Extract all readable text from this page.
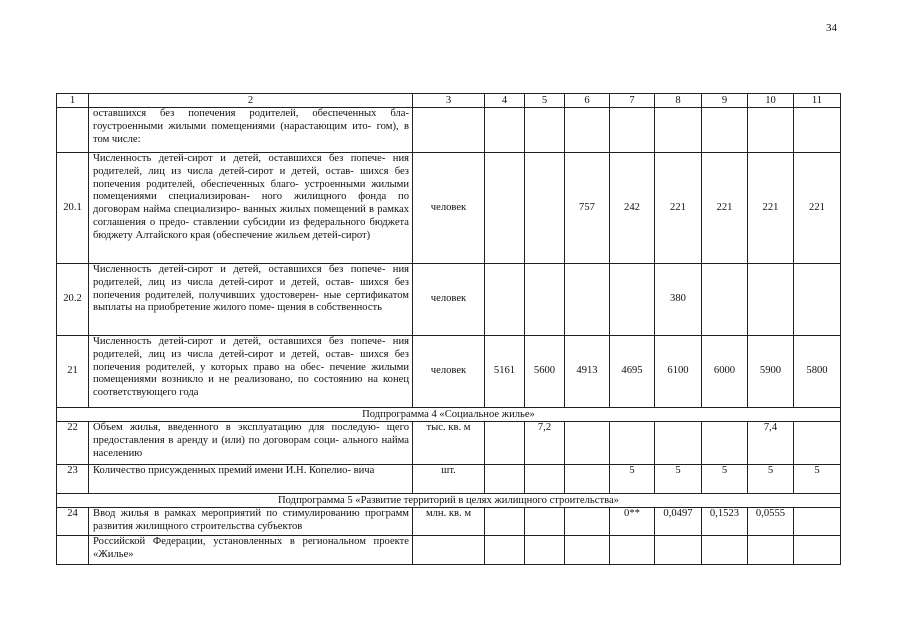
34
1	2	3	4	5	6	7	8	9	10	11
	оставшихся без попечения родителей, обеспеченных бла- гоустроенными жилыми помещениями (нарастающим ито- гом), в том числе:									
20.1	Численность детей-сирот и детей, оставшихся без попече- ния родителей, лиц из числа детей-сирот и детей, остав- шихся без попечения родителей, обеспеченных благо- устроенными жилыми помещениями специализирован- ного жилищного фонда по договорам найма специализиро- ванных жилых помещений в рамках соглашения о предо- ставлении субсидии из федерального бюджета бюджету Алтайского края (обеспечение жильем детей-сирот)	человек			757	242	221	221	221	221
20.2	Численность детей-сирот и детей, оставшихся без попече- ния родителей, лиц из числа детей-сирот и детей, остав- шихся без попечения родителей, получивших удостоверен- ные сертификатом выплаты на приобретение жилого поме- щения в собственность	человек					380			
21	Численность детей-сирот и детей, оставшихся без попече- ния родителей, лиц из числа детей-сирот и детей, остав- шихся без попечения родителей, у которых право на обес- печение жилыми помещениями возникло и не реализовано, по состоянию на конец соответствующего года	человек	5161	5600	4913	4695	6100	6000	5900	5800
Подпрограмма 4 «Социальное жилье»										
22	Объем жилья, введенного в эксплуатацию для последую- щего предоставления в аренду и (или) по договорам соци- ального найма населению	тыс. кв. м		7,2					7,4	
23	Количество присужденных премий имени И.Н. Копелио- вича	шт.				5	5	5	5	5
Подпрограмма 5 «Развитие территорий в целях жилищного строительства»										
24	Ввод жилья в рамках мероприятий по стимулированию программ развития жилищного строительства субъектов	млн. кв. м				0**	0,0497	0,1523	0,0555	
	Российской Федерации, установленных в региональном проекте «Жилье»									
